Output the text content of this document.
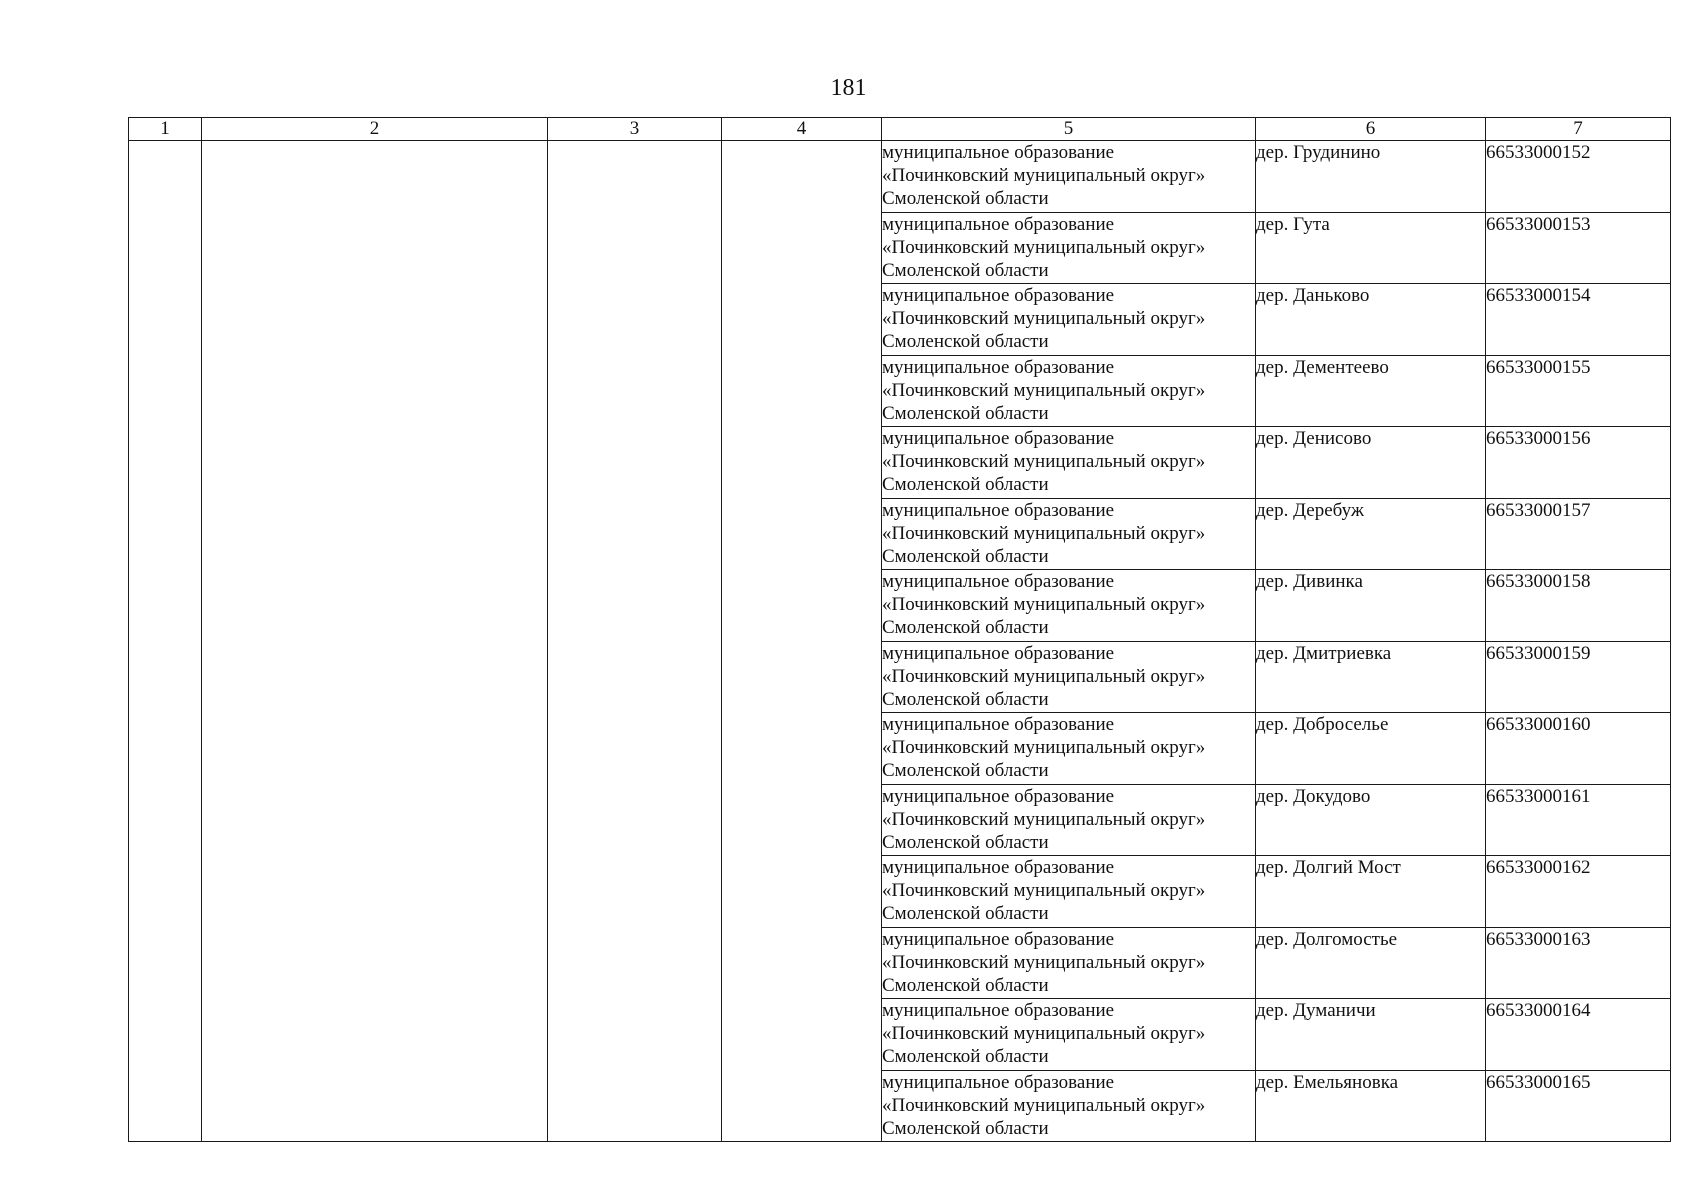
181
1	2	3	4	5	6	7
				муниципальное образование
«Починковский муниципальный округ»
Смоленской области	дер. Грудинино	66533000152
				муниципальное образование
«Починковский муниципальный округ»
Смоленской области	дер. Гута	66533000153
				муниципальное образование
«Починковский муниципальный округ»
Смоленской области	дер. Даньково	66533000154
				муниципальное образование
«Починковский муниципальный округ»
Смоленской области	дер. Дементеево	66533000155
				муниципальное образование
«Починковский муниципальный округ»
Смоленской области	дер. Денисово	66533000156
				муниципальное образование
«Починковский муниципальный округ»
Смоленской области	дер. Деребуж	66533000157
				муниципальное образование
«Починковский муниципальный округ»
Смоленской области	дер. Дивинка	66533000158
				муниципальное образование
«Починковский муниципальный округ»
Смоленской области	дер. Дмитриевка	66533000159
				муниципальное образование
«Починковский муниципальный округ»
Смоленской области	дер. Добросельe	66533000160
				муниципальное образование
«Починковский муниципальный округ»
Смоленской области	дер. Докудово	66533000161
				муниципальное образование
«Починковский муниципальный округ»
Смоленской области	дер. Долгий Мост	66533000162
				муниципальное образование
«Починковский муниципальный округ»
Смоленской области	дер. Долгомостье	66533000163
				муниципальное образование
«Починковский муниципальный округ»
Смоленской области	дер. Думаничи	66533000164
				муниципальное образование
«Починковский муниципальный округ»
Смоленской области	дер. Емельяновка	66533000165
